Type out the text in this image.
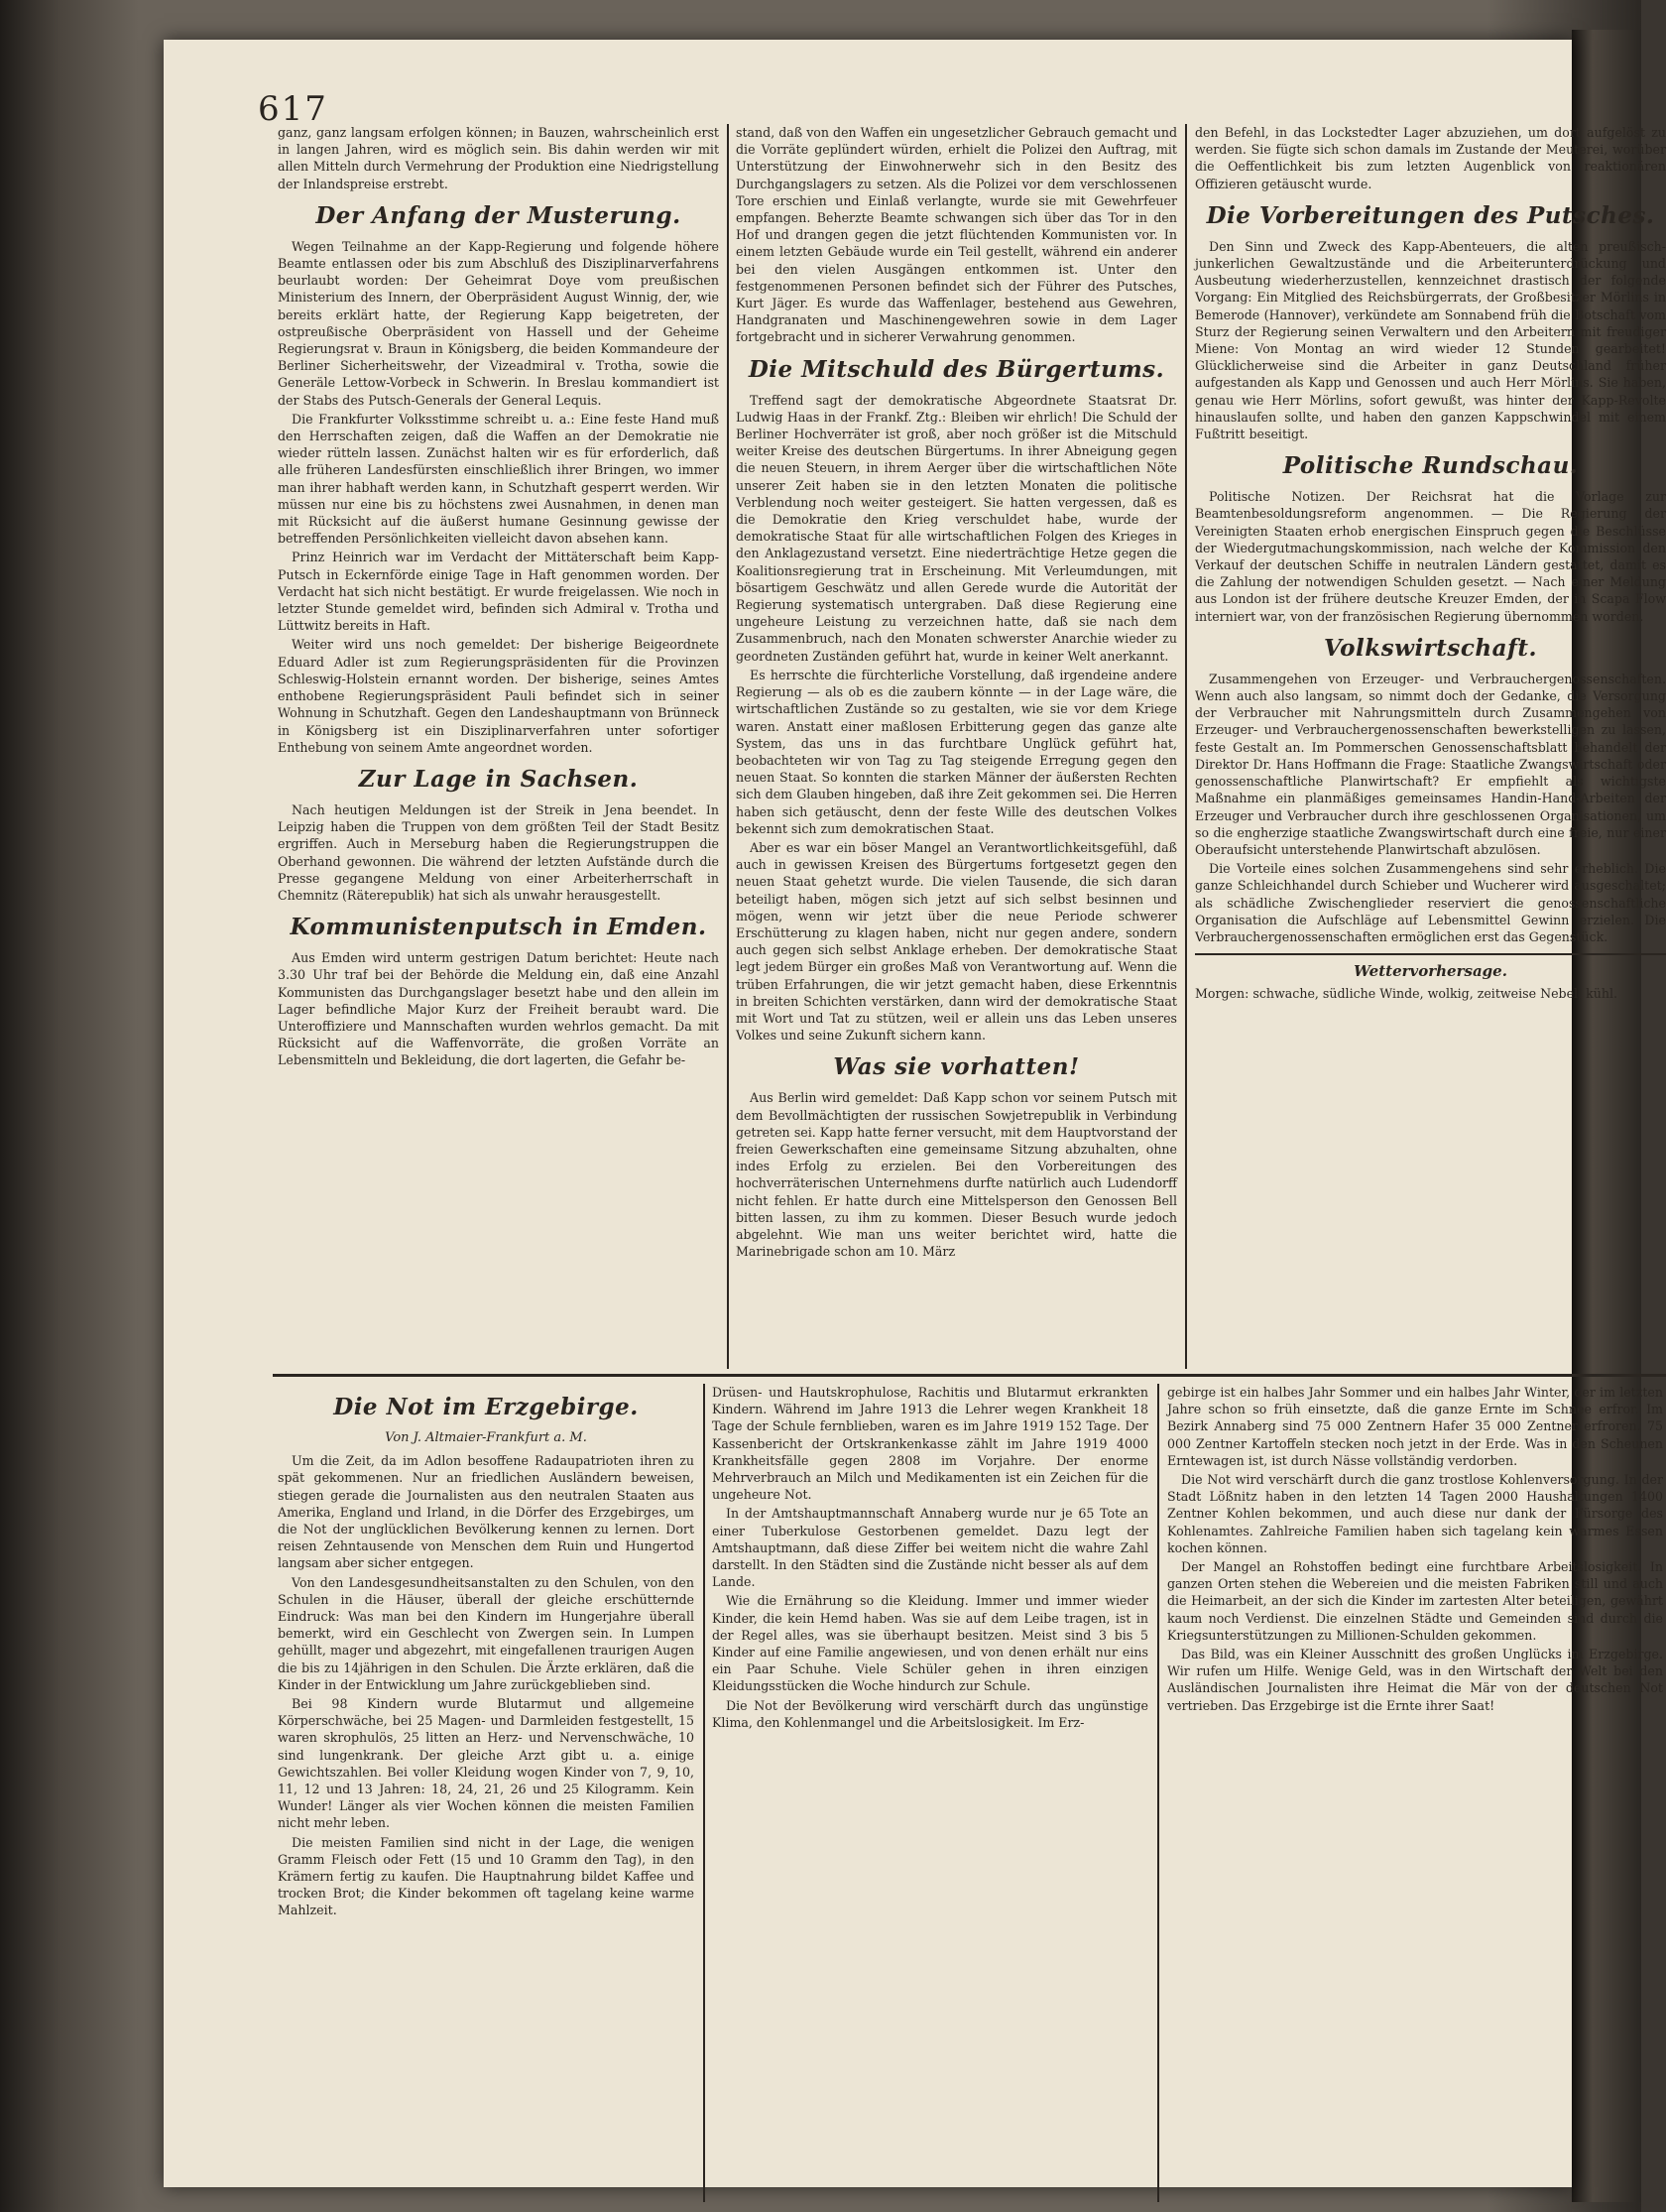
617

ganz, ganz langsam erfolgen können; in Bauzen, wahrscheinlich erst in langen Jahren, wird es möglich sein. Bis dahin werden wir mit allen Mitteln durch Vermehrung der Produktion eine Niedrigstellung der Inlandspreise erstrebt.

Der Anfang der Musterung.

Wegen Teilnahme an der Kapp-Regierung und folgende höhere Beamte entlassen oder bis zum Abschluß des Disziplinarverfahrens beurlaubt worden: Der Geheimrat Doye vom preußischen Ministerium des Innern, der Oberpräsident August Winnig, der, wie bereits erklärt hatte, der Regierung Kapp beigetreten, der ostpreußische Oberpräsident von Hassell und der Geheime Regierungsrat v. Braun in Königsberg, die beiden Kommandeure der Berliner Sicherheitswehr, der Vizeadmiral v. Trotha, sowie die Generäle Lettow-Vorbeck in Schwerin. In Breslau kommandiert ist der Stabs des Putsch-Generals der General Lequis.

Die Frankfurter Volksstimme schreibt u. a.: Eine feste Hand muß den Herrschaften zeigen, daß die Waffen an der Demokratie nie wieder rütteln lassen. Zunächst halten wir es für erforderlich, daß alle früheren Landesfürsten einschließlich ihrer Bringen, wo immer man ihrer habhaft werden kann, in Schutzhaft gesperrt werden. Wir müssen nur eine bis zu höchstens zwei Ausnahmen, in denen man mit Rücksicht auf die äußerst humane Gesinnung gewisse der betreffenden Persönlichkeiten vielleicht davon absehen kann.

Prinz Heinrich war im Verdacht der Mittäterschaft beim Kapp-Putsch in Eckernförde einige Tage in Haft genommen worden. Der Verdacht hat sich nicht bestätigt. Er wurde freigelassen. Wie noch in letzter Stunde gemeldet wird, befinden sich Admiral v. Trotha und Lüttwitz bereits in Haft.

Weiter wird uns noch gemeldet: Der bisherige Beigeordnete Eduard Adler ist zum Regierungspräsidenten für die Provinzen Schleswig-Holstein ernannt worden. Der bisherige, seines Amtes enthobene Regierungspräsident Pauli befindet sich in seiner Wohnung in Schutzhaft. Gegen den Landeshauptmann von Brünneck in Königsberg ist ein Disziplinarverfahren unter sofortiger Enthebung von seinem Amte angeordnet worden.

Zur Lage in Sachsen.

Nach heutigen Meldungen ist der Streik in Jena beendet. In Leipzig haben die Truppen von dem größten Teil der Stadt Besitz ergriffen. Auch in Merseburg haben die Regierungstruppen die Oberhand gewonnen. Die während der letzten Aufstände durch die Presse gegangene Meldung von einer Arbeiterherrschaft in Chemnitz (Räterepublik) hat sich als unwahr herausgestellt.

Kommunistenputsch in Emden.

Aus Emden wird unterm gestrigen Datum berichtet: Heute nach 3.30 Uhr traf bei der Behörde die Meldung ein, daß eine Anzahl Kommunisten das Durchgangslager besetzt habe und den allein im Lager befindliche Major Kurz der Freiheit beraubt ward. Die Unteroffiziere und Mannschaften wurden wehrlos gemacht. Da mit Rücksicht auf die Waffenvorräte, die großen Vorräte an Lebensmitteln und Bekleidung, die dort lagerten, die Gefahr be-

stand, daß von den Waffen ein ungesetzlicher Gebrauch gemacht und die Vorräte geplündert würden, erhielt die Polizei den Auftrag, mit Unterstützung der Einwohnerwehr sich in den Besitz des Durchgangslagers zu setzen. Als die Polizei vor dem verschlossenen Tore erschien und Einlaß verlangte, wurde sie mit Gewehrfeuer empfangen. Beherzte Beamte schwangen sich über das Tor in den Hof und drangen gegen die jetzt flüchtenden Kommunisten vor. In einem letzten Gebäude wurde ein Teil gestellt, während ein anderer bei den vielen Ausgängen entkommen ist. Unter den festgenommenen Personen befindet sich der Führer des Putsches, Kurt Jäger. Es wurde das Waffenlager, bestehend aus Gewehren, Handgranaten und Maschinengewehren sowie in dem Lager fortgebracht und in sicherer Verwahrung genommen.

Die Mitschuld des Bürgertums.

Treffend sagt der demokratische Abgeordnete Staatsrat Dr. Ludwig Haas in der Frankf. Ztg.: Bleiben wir ehrlich! Die Schuld der Berliner Hochverräter ist groß, aber noch größer ist die Mitschuld weiter Kreise des deutschen Bürgertums. In ihrer Abneigung gegen die neuen Steuern, in ihrem Aerger über die wirtschaftlichen Nöte unserer Zeit haben sie in den letzten Monaten die politische Verblendung noch weiter gesteigert. Sie hatten vergessen, daß es die Demokratie den Krieg verschuldet habe, wurde der demokratische Staat für alle wirtschaftlichen Folgen des Krieges in den Anklagezustand versetzt. Eine niederträchtige Hetze gegen die Koalitionsregierung trat in Erscheinung. Mit Verleumdungen, mit bösartigem Geschwätz und allen Gerede wurde die Autorität der Regierung systematisch untergraben. Daß diese Regierung eine ungeheure Leistung zu verzeichnen hatte, daß sie nach dem Zusammenbruch, nach den Monaten schwerster Anarchie wieder zu geordneten Zuständen geführt hat, wurde in keiner Welt anerkannt.

Es herrschte die fürchterliche Vorstellung, daß irgendeine andere Regierung — als ob es die zaubern könnte — in der Lage wäre, die wirtschaftlichen Zustände so zu gestalten, wie sie vor dem Kriege waren. Anstatt einer maßlosen Erbitterung gegen das ganze alte System, das uns in das furchtbare Unglück geführt hat, beobachteten wir von Tag zu Tag steigende Erregung gegen den neuen Staat. So konnten die starken Männer der äußersten Rechten sich dem Glauben hingeben, daß ihre Zeit gekommen sei. Die Herren haben sich getäuscht, denn der feste Wille des deutschen Volkes bekennt sich zum demokratischen Staat.

Aber es war ein böser Mangel an Verantwortlichkeitsgefühl, daß auch in gewissen Kreisen des Bürgertums fortgesetzt gegen den neuen Staat gehetzt wurde. Die vielen Tausende, die sich daran beteiligt haben, mögen sich jetzt auf sich selbst besinnen und mögen, wenn wir jetzt über die neue Periode schwerer Erschütterung zu klagen haben, nicht nur gegen andere, sondern auch gegen sich selbst Anklage erheben. Der demokratische Staat legt jedem Bürger ein großes Maß von Verantwortung auf. Wenn die trüben Erfahrungen, die wir jetzt gemacht haben, diese Erkenntnis in breiten Schichten verstärken, dann wird der demokratische Staat mit Wort und Tat zu stützen, weil er allein uns das Leben unseres Volkes und seine Zukunft sichern kann.

Was sie vorhatten!

Aus Berlin wird gemeldet: Daß Kapp schon vor seinem Putsch mit dem Bevollmächtigten der russischen Sowjetrepublik in Verbindung getreten sei. Kapp hatte ferner versucht, mit dem Hauptvorstand der freien Gewerkschaften eine gemeinsame Sitzung abzuhalten, ohne indes Erfolg zu erzielen. Bei den Vorbereitungen des hochverräterischen Unternehmens durfte natürlich auch Ludendorff nicht fehlen. Er hatte durch eine Mittelsperson den Genossen Bell bitten lassen, zu ihm zu kommen. Dieser Besuch wurde jedoch abgelehnt. Wie man uns weiter berichtet wird, hatte die Marinebrigade schon am 10. März

den Befehl, in das Lockstedter Lager abzuziehen, um dort aufgelöst zu werden. Sie fügte sich schon damals im Zustande der Meuterei, worüber die Oeffentlichkeit bis zum letzten Augenblick von reaktionären Offizieren getäuscht wurde.

Die Vorbereitungen des Putsches.

Den Sinn und Zweck des Kapp-Abenteuers, die alten preußisch-junkerlichen Gewaltzustände und die Arbeiterunterdrückung und Ausbeutung wiederherzustellen, kennzeichnet drastisch der folgende Vorgang: Ein Mitglied des Reichsbürgerrats, der Großbesitzer Mörlins in Bemerode (Hannover), verkündete am Sonnabend früh die Botschaft vom Sturz der Regierung seinen Verwaltern und den Arbeitern mit freudiger Miene: Von Montag an wird wieder 12 Stunden gearbeitet! Glücklicherweise sind die Arbeiter in ganz Deutschland früher aufgestanden als Kapp und Genossen und auch Herr Mörlins. Sie haben, genau wie Herr Mörlins, sofort gewußt, was hinter der Kapp-Revolte hinauslaufen sollte, und haben den ganzen Kappschwindel mit einem Fußtritt beseitigt.

Politische Rundschau.

Politische Notizen. Der Reichsrat hat die Vorlage zur Beamtenbesoldungsreform angenommen. — Die Regierung der Vereinigten Staaten erhob energischen Einspruch gegen die Beschlüsse der Wiedergutmachungskommission, nach welche der Kommission den Verkauf der deutschen Schiffe in neutralen Ländern gestattet, damit es die Zahlung der notwendigen Schulden gesetzt. — Nach einer Meldung aus London ist der frühere deutsche Kreuzer Emden, der in Scapa Flow interniert war, von der französischen Regierung übernommen worden.

Volkswirtschaft.

Zusammengehen von Erzeuger- und Verbrauchergenossenschaften. Wenn auch also langsam, so nimmt doch der Gedanke, die Versorgung der Verbraucher mit Nahrungsmitteln durch Zusammengehen von Erzeuger- und Verbrauchergenossenschaften bewerkstelligen zu lassen, feste Gestalt an. Im Pommerschen Genossenschaftsblatt behandelt der Direktor Dr. Hans Hoffmann die Frage: Staatliche Zwangswirtschaft oder genossenschaftliche Planwirtschaft? Er empfiehlt als wichtigste Maßnahme ein planmäßiges gemeinsames Handin-Hand-Arbeiten der Erzeuger und Verbraucher durch ihre geschlossenen Organisationen, um so die engherzige staatliche Zwangswirtschaft durch eine freie, nur einer Oberaufsicht unterstehende Planwirtschaft abzulösen.

Die Vorteile eines solchen Zusammengehens sind sehr erheblich. Die ganze Schleichhandel durch Schieber und Wucherer wird ausgeschaltet; als schädliche Zwischenglieder reserviert die genossenschaftliche Organisation die Aufschläge auf Lebensmittel Gewinn erzielen. Die Verbrauchergenossenschaften ermöglichen erst das Gegenstück.

Wettervorhersage.

Morgen: schwache, südliche Winde, wolkig, zeitweise Nebel, kühl.

Die Not im Erzgebirge.

Von J. Altmaier-Frankfurt a. M.

Um die Zeit, da im Adlon besoffene Radaupatrioten ihren zu spät gekommenen. Nur an friedlichen Ausländern beweisen, stiegen gerade die Journalisten aus den neutralen Staaten aus Amerika, England und Irland, in die Dörfer des Erzgebirges, um die Not der unglücklichen Bevölkerung kennen zu lernen. Dort reisen Zehntausende von Menschen dem Ruin und Hungertod langsam aber sicher entgegen.

Von den Landesgesundheitsanstalten zu den Schulen, von den Schulen in die Häuser, überall der gleiche erschütternde Eindruck: Was man bei den Kindern im Hungerjahre überall bemerkt, wird ein Geschlecht von Zwergen sein. In Lumpen gehüllt, mager und abgezehrt, mit eingefallenen traurigen Augen die bis zu 14jährigen in den Schulen. Die Ärzte erklären, daß die Kinder in der Entwicklung um Jahre zurückgeblieben sind.

Bei 98 Kindern wurde Blutarmut und allgemeine Körperschwäche, bei 25 Magen- und Darmleiden festgestellt, 15 waren skrophulös, 25 litten an Herz- und Nervenschwäche, 10 sind lungenkrank. Der gleiche Arzt gibt u. a. einige Gewichtszahlen. Bei voller Kleidung wogen Kinder von 7, 9, 10, 11, 12 und 13 Jahren: 18, 24, 21, 26 und 25 Kilogramm. Kein Wunder! Länger als vier Wochen können die meisten Familien nicht mehr leben.

Die meisten Familien sind nicht in der Lage, die wenigen Gramm Fleisch oder Fett (15 und 10 Gramm den Tag), in den Krämern fertig zu kaufen. Die Hauptnahrung bildet Kaffee und trocken Brot; die Kinder bekommen oft tagelang keine warme Mahlzeit.

Drüsen- und Hautskrophulose, Rachitis und Blutarmut erkrankten Kindern. Während im Jahre 1913 die Lehrer wegen Krankheit 18 Tage der Schule fernblieben, waren es im Jahre 1919 152 Tage. Der Kassenbericht der Ortskrankenkasse zählt im Jahre 1919 4000 Krankheitsfälle gegen 2808 im Vorjahre. Der enorme Mehrverbrauch an Milch und Medikamenten ist ein Zeichen für die ungeheure Not.

In der Amtshauptmannschaft Annaberg wurde nur je 65 Tote an einer Tuberkulose Gestorbenen gemeldet. Dazu legt der Amtshauptmann, daß diese Ziffer bei weitem nicht die wahre Zahl darstellt. In den Städten sind die Zustände nicht besser als auf dem Lande.

Wie die Ernährung so die Kleidung. Immer und immer wieder Kinder, die kein Hemd haben. Was sie auf dem Leibe tragen, ist in der Regel alles, was sie überhaupt besitzen. Meist sind 3 bis 5 Kinder auf eine Familie angewiesen, und von denen erhält nur eins ein Paar Schuhe. Viele Schüler gehen in ihren einzigen Kleidungsstücken die Woche hindurch zur Schule.

Die Not der Bevölkerung wird verschärft durch das ungünstige Klima, den Kohlenmangel und die Arbeitslosigkeit. Im Erz-

gebirge ist ein halbes Jahr Sommer und ein halbes Jahr Winter, der im letzten Jahre schon so früh einsetzte, daß die ganze Ernte im Schnee erfror. Im Bezirk Annaberg sind 75 000 Zentnern Hafer 35 000 Zentner erfroren. 75 000 Zentner Kartoffeln stecken noch jetzt in der Erde. Was in den Scheunen Erntewagen ist, ist durch Nässe vollständig verdorben.

Die Not wird verschärft durch die ganz trostlose Kohlenversorgung. In der Stadt Lößnitz haben in den letzten 14 Tagen 2000 Haushaltungen 1400 Zentner Kohlen bekommen, und auch diese nur dank der Fürsorge des Kohlenamtes. Zahlreiche Familien haben sich tagelang kein warmes Essen kochen können.

Der Mangel an Rohstoffen bedingt eine furchtbare Arbeitslosigkeit. In ganzen Orten stehen die Webereien und die meisten Fabriken still und auch die Heimarbeit, an der sich die Kinder im zartesten Alter beteiligen, gewährt kaum noch Verdienst. Die einzelnen Städte und Gemeinden sind durch die Kriegsunterstützungen zu Millionen-Schulden gekommen.

Das Bild, was ein Kleiner Ausschnitt des großen Unglücks im Erzgebirge. Wir rufen um Hilfe. Wenige Geld, was in den Wirtschaft der Welt bei den Ausländischen Journalisten ihre Heimat die Mär von der deutschen Not vertrieben. Das Erzgebirge ist die Ernte ihrer Saat!
